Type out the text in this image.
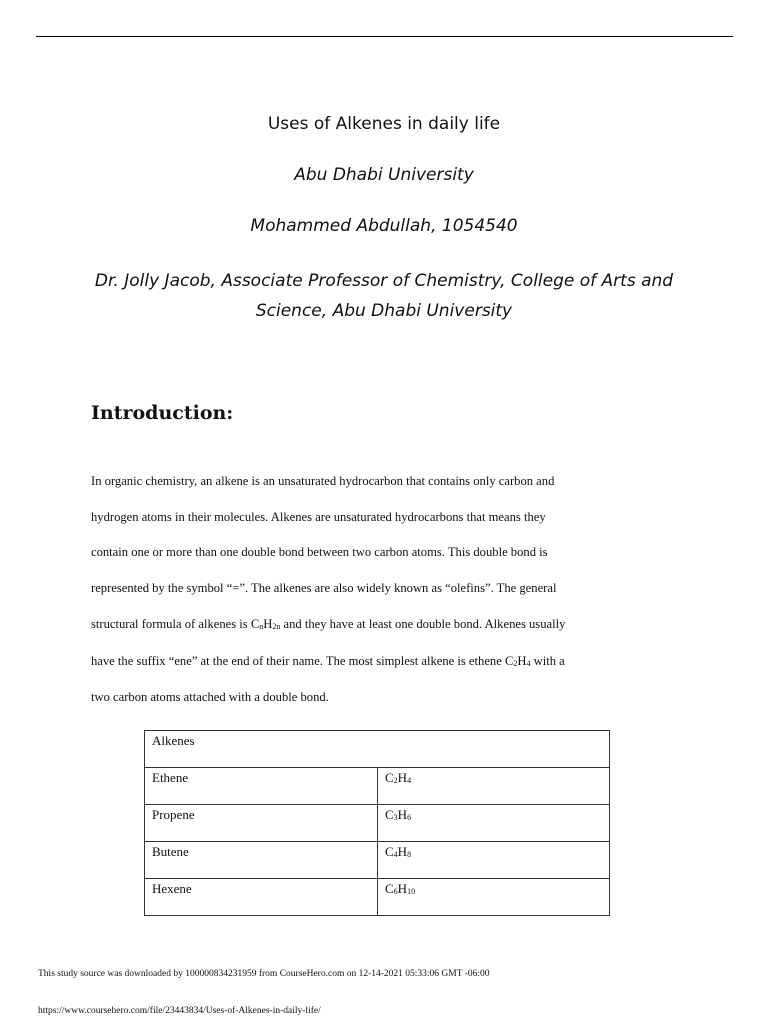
Uses of Alkenes in daily life
Abu Dhabi University
Mohammed Abdullah, 1054540
Dr. Jolly Jacob, Associate Professor of Chemistry, College of Arts and
Science, Abu Dhabi University
Introduction:
In organic chemistry, an alkene is an unsaturated hydrocarbon that contains only carbon and
hydrogen atoms in their molecules. Alkenes are unsaturated hydrocarbons that means they
contain one or more than one double bond between two carbon atoms. This double bond is
represented by the symbol “=”. The alkenes are also widely known as “olefins”. The general
structural formula of alkenes is $C_nH_{2n}$ and they have at least one double bond. Alkenes usually
have the suffix “ene” at the end of their name. The most simplest alkene is ethene $C_2H_4$ with a
two carbon atoms attached with a double bond.
Alkenes	
Ethene	$C_2H_4$
Propene	$C_3H_6$
Butene	$C_4H_8$
Hexene	$C_6H_{10}$
This study source was downloaded by 100000834231959 from CourseHero.com on 12-14-2021 05:33:06 GMT -06:00
https://www.coursehero.com/file/23443834/Uses-of-Alkenes-in-daily-life/
